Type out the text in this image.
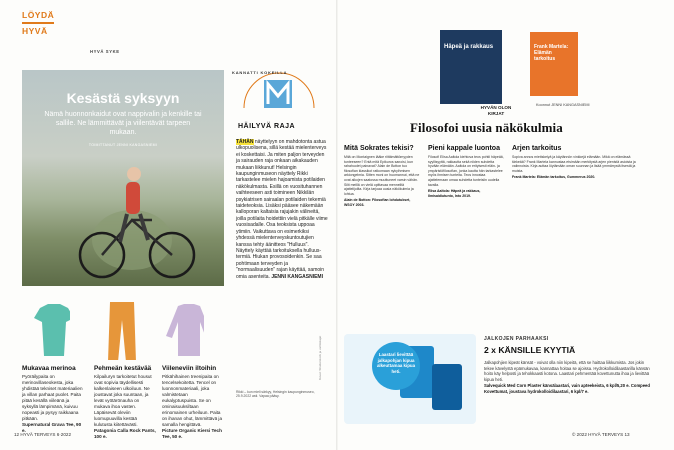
LÖYDÄ
HYVÄ
HYVÄ SYKE
Kesästä syksyyn
Nämä huonnonkaidut ovat nappivalin ja kenkille tai sallile. Ne lämmittävät ja viilentävät tarpeen mukaan.
TOIMITTANUT JENNI KANGASNIEMI
Mukavaa merinoa
Pyöräilypaita on merinovillaseokesta, joka yhdistää tekniset materiaalien ja villan parhaat puolet. Paita pitää kesällä viileänä ja syksyllä lämpimänä, kuivuu nopeasti ja pysyy raikkaana pitkään.
Supernatural Grava Tee, 90 e.
Pehmeän kestävää
Kilpailuryn tarkoitetut housut ovat sopivia täydellisesti kalkenlaiseen ulkoiluun. Ne joustavat joka suuntaan, ja levät vyötärönauha on mukava ihoa vasten. Läpäisevät oleviin luomupuuvilla kestää kulutusta kiitettävästi.
Patagonia Calla Rock Pants, 100 e.
Viileneviin iltoihin
Pitkähihainen treenipaita on tencelsekoitetta. Tencel on luonnonmateriaali, joka valmistetaan eukalyptuspuista. Se on ominaisuuksiltaan erinomainen urheiluun. Paita on ihanan ohut, lämmittävä ja samalla hengittävä.
Picture Organic Kiersi Tech Tee, 50 e.
KANNATTI KOKEILLA
HÄILYVÄ RAJA
TÄHÄN näyttelyyn on mahdotonta astua ulkopuolisena, sillä kestää mielenterveys ei koskettaisi. Ja miten paljon terveyden ja sairauden raja onkaan aikakauden mukaan liikkunut! Helsingin kaupunginmuseon näyttely Rikki tarkastelee mielen hajoamista potilaiden näkökulmasta. Esillä on vuosituhannen vaihteeseen asti toimineen Nikkilän psykiatrisen sairaalan potilaiden tekemiä taideteoksia. Lisäksi pääsee näkemään kalloporan kaltaisia rajujakin välineitä, joilla potilaita hoidettiin vielä pitkälle viime vuosisadalle. Osa teoksista uppoaa ytimiin. Vaikuttava on esimerkiksi yhdessä mielenterveyskuntoutujien kanssa tehty äänitteos "Hulluus". Näyttely käyttää tarkoituksella hulluus-termiä. Hiukan provosoidenkin. Se saa pohtimaan terveyden ja "normaalisuuden" rajan käyttää, samoin omia asenteita. JENNI KANGASNIEMI
Rikki – kun mieli särkyy, Helsingin kaupunginmuseo, 25.9.2022 asti. Vapaa pääsy.
Kuvat: Shutterstock ja valmistajat
12 HYVÄ TERVEYS 6·2022
Häpeä ja rakkaus	Frank Martela: Elämän tarkoitus
HYVÄN OLON KIRJAT
Koonnut JENNI KANGASNIEMI
Filosofoi uusia näkökulmia
Mitä Sokrates tekisi?
Mitä on Montaignen lääke riittämättömyyden tunteeseen? Entä mitä Epikuros sanoisi, kun rahahuolet painavat? Alain de Botton tuo filosofian klassikot ratkomaan nykyihmisen arkiongelmia. Sitten moni on huomannut, että ne ovat aikojen saatossa muuttuneet varsin vähän. Silti meillä on vielä opittavaa menneiltä ajattelijoilta. Kirja tarjoaa uusia näkökulmia ja lohtua.
Alain de Botton: Filosofian lohdutukset, WSOY 2003.
Pieni kappale luontoa
Filosofi Elisa Aaltola kiehtova teos pohtii häpeää, syyllisyyttä, rakkautta sekä niiden suhdetta hyvään elämään. Aaltola on erityisesti eläin- ja ympäristöfilosofian, jonka kautta hän tarkastelee myös ihmisen tunteita. Teos innostaa ajattelemaan omaa suhdetta tunteisiin uudella tavalla.
Elisa Aaltola: Häpeä ja rakkaus, Ilmisaidiutunto, Into 2019.
Arjen tarkoitus
Sopiva annos mietiskelyä ja käytännön vinkkejä elämään. Mikä on elämässä tärkeää? Frank Martela kannustaa etsimään merkitystä arjen pienistä asioista ja valinnoista. Kirja auttaa löytämään oman suunnan ja lisää ymmärrystä itsestä ja muista.
Frank Martela: Elämän tarkoitus, Gummerus 2020.
Laastari lievittää jalkapohjan kipua alkeuttamaa kipua heti.
JALKOJEN PARHAAKSI
2 x KÄNSILLE KYYTIÄ
Jalkapohjien kipeät känsät - voivat olla niin kipeitä, että se haittaa liikkumista. Jos jokin tekee kävelystä epämukavaa, kannattaa hoitaa se ajoissa. Hydrokolloidilaastarilla känsän hoito käy helposti ja tehokkaasti kotona. Laastari pehmentää kovettunutta ihoa ja lievittää kipua heti.
Salvequick Med Corn Plaster känsälaastari, vain apteekeista, 6 kpl/5,20 e. Compeed Kovettumat, joustava hydrokolloidilaastari, 6 kpl/7 e.
© 2022 HYVÄ TERVEYS 13
